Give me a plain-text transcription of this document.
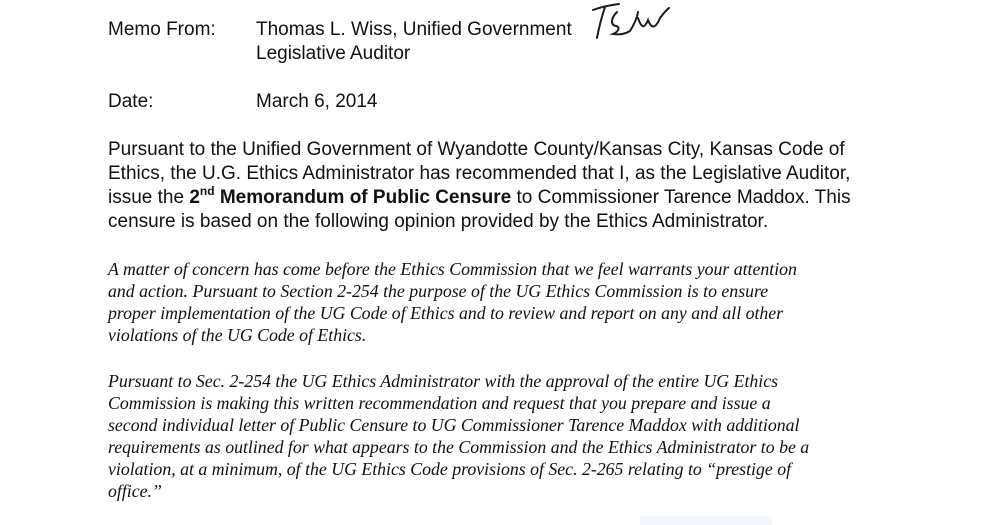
Memo From: Thomas L. Wiss, Unified Government
Legislative Auditor
Date:	March 6, 2014
Pursuant to the Unified Government of Wyandotte County/Kansas City, Kansas Code of
Ethics, the U.G. Ethics Administrator has recommended that I, as the Legislative Auditor,
issue the 2nd Memorandum of Public Censure to Commissioner Tarence Maddox. This
censure is based on the following opinion provided by the Ethics Administrator.
A matter of concern has come before the Ethics Commission that we feel warrants your attention
and action. Pursuant to Section 2-254 the purpose of the UG Ethics Commission is to ensure
proper implementation of the UG Code of Ethics and to review and report on any and all other
violations of the UG Code of Ethics.
Pursuant to Sec. 2-254 the UG Ethics Administrator with the approval of the entire UG Ethics
Commission is making this written recommendation and request that you prepare and issue a
second individual letter of Public Censure to UG Commissioner Tarence Maddox with additional
requirements as outlined for what appears to the Commission and the Ethics Administrator to be a
violation, at a minimum, of the UG Ethics Code provisions of Sec. 2-265 relating to “prestige of
office.”
